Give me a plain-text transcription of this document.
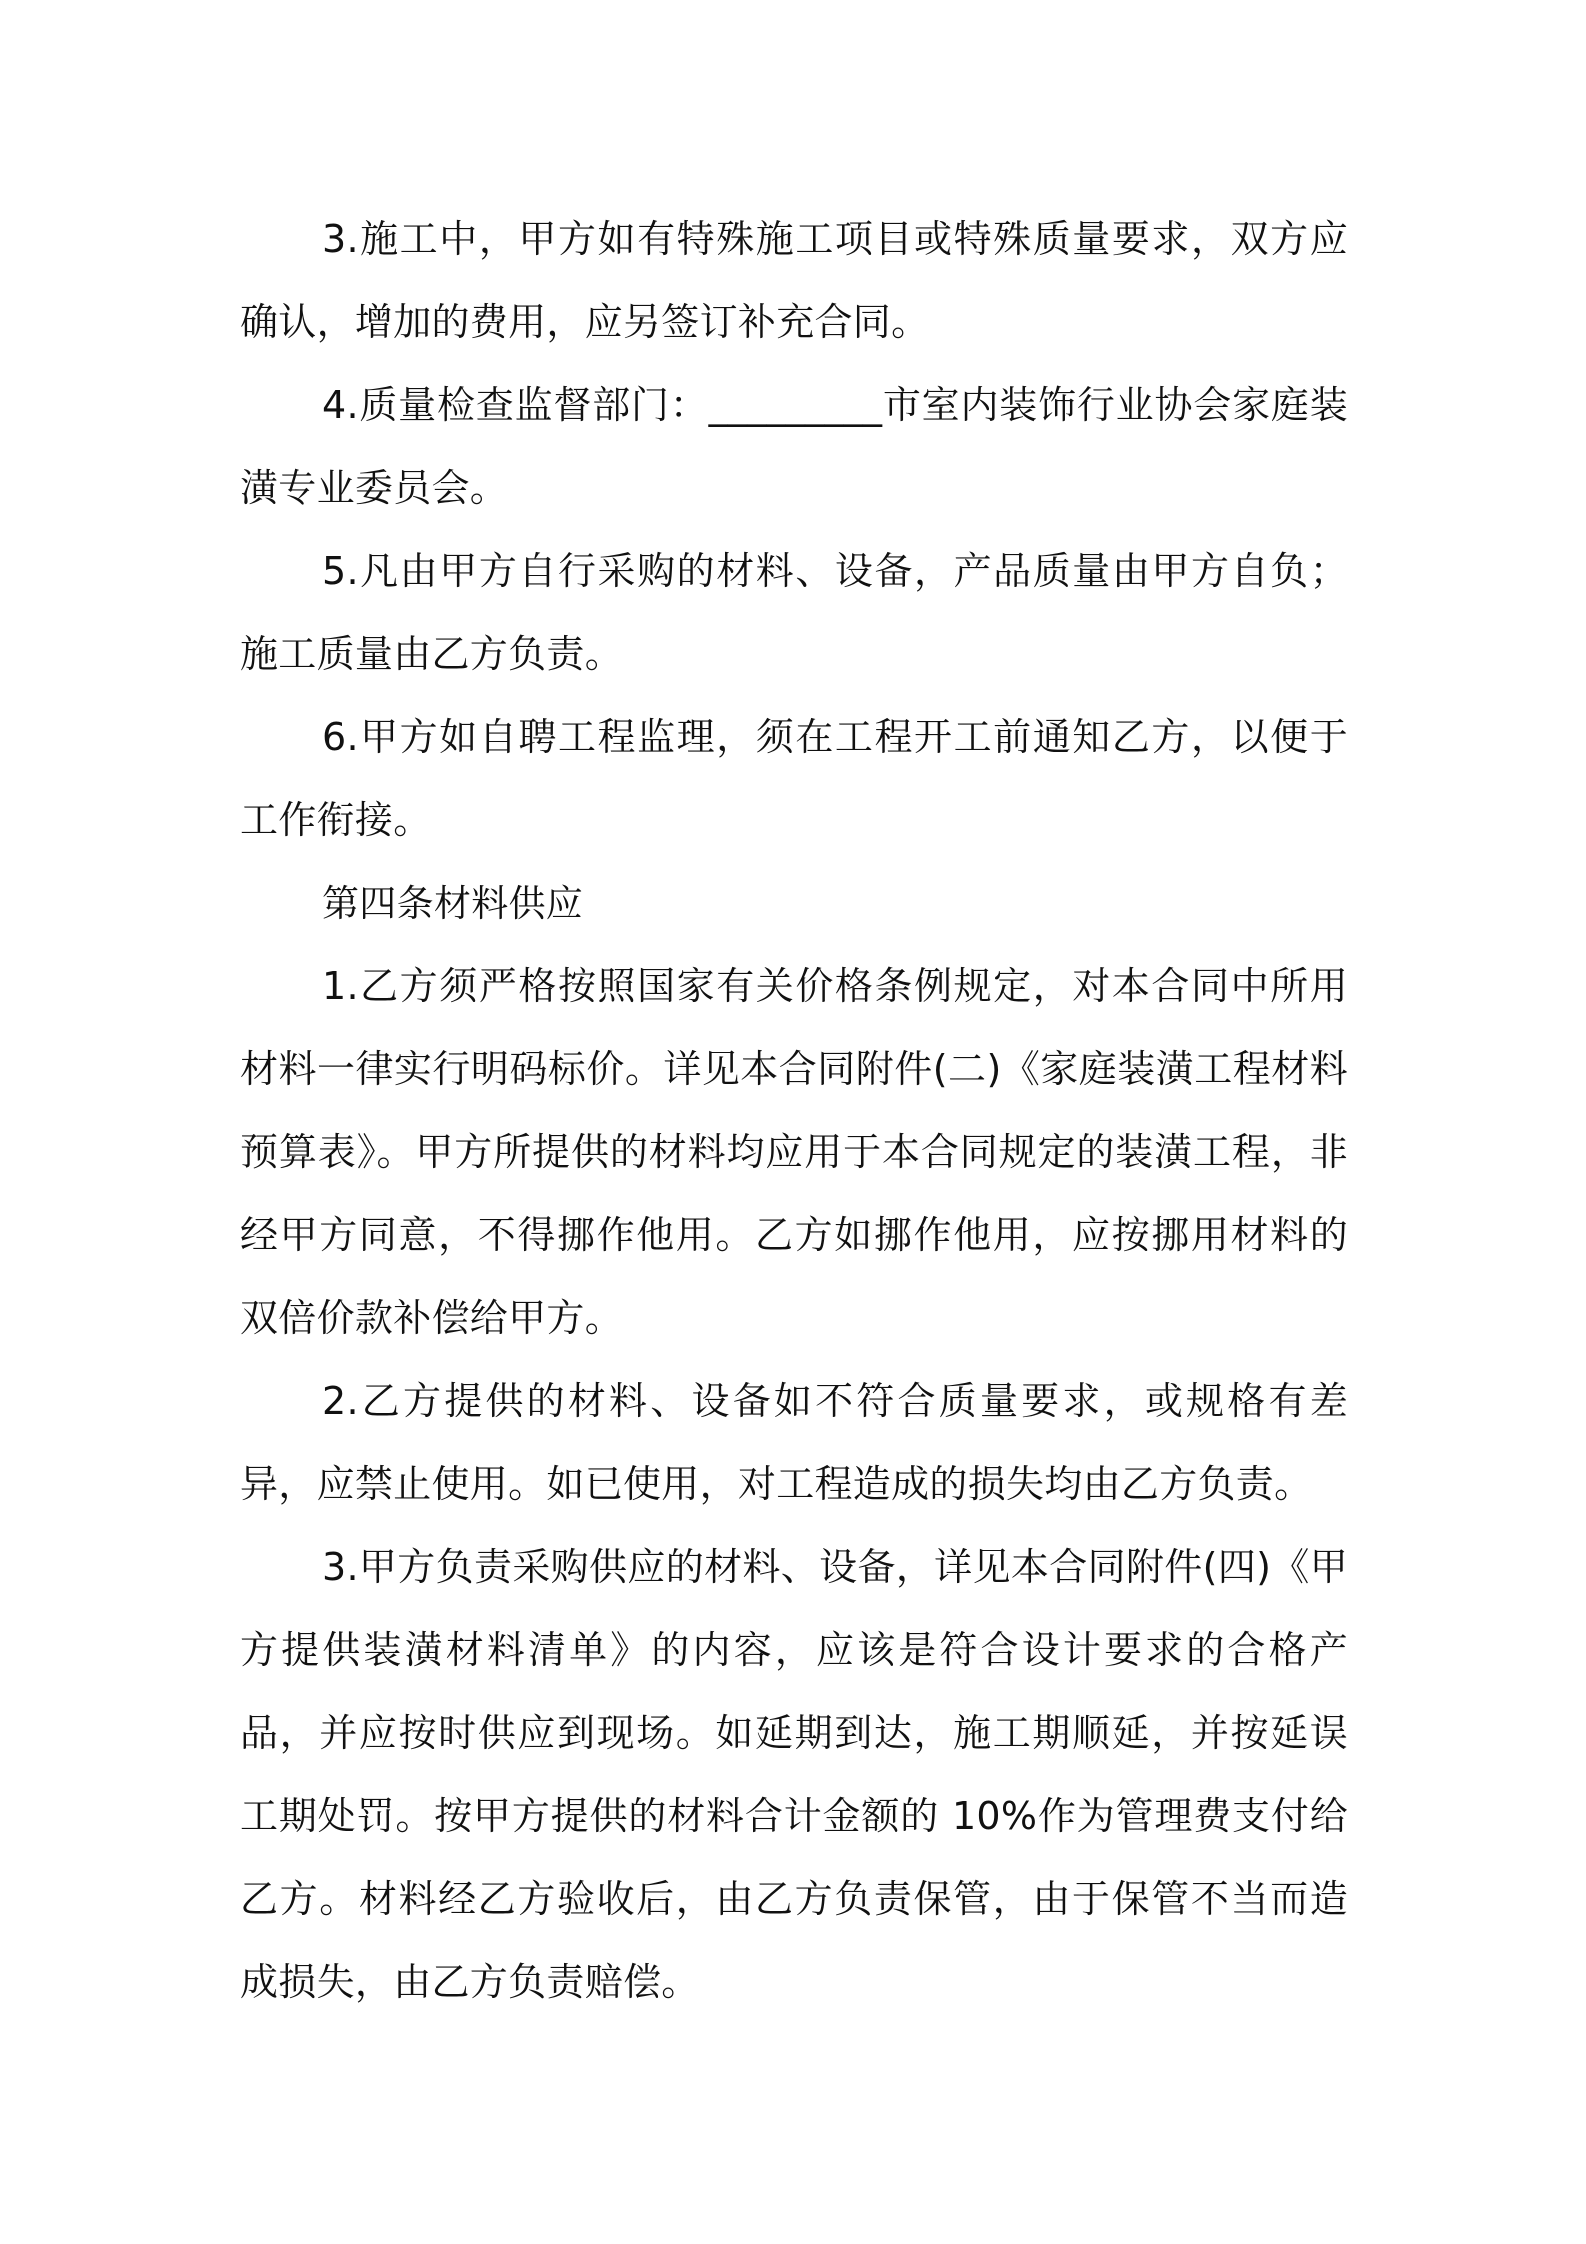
3.施工中，甲方如有特殊施工项目或特殊质量要求，双方应确认，增加的费用，应另签订补充合同。

4.质量检查监督部门：_________市室内装饰行业协会家庭装潢专业委员会。

5.凡由甲方自行采购的材料、设备，产品质量由甲方自负；施工质量由乙方负责。

6.甲方如自聘工程监理，须在工程开工前通知乙方，以便于工作衔接。

第四条材料供应

1.乙方须严格按照国家有关价格条例规定，对本合同中所用材料一律实行明码标价。详见本合同附件(二)《家庭装潢工程材料预算表》。甲方所提供的材料均应用于本合同规定的装潢工程，非经甲方同意，不得挪作他用。乙方如挪作他用，应按挪用材料的双倍价款补偿给甲方。

2.乙方提供的材料、设备如不符合质量要求，或规格有差异，应禁止使用。如已使用，对工程造成的损失均由乙方负责。

3.甲方负责采购供应的材料、设备，详见本合同附件(四)《甲方提供装潢材料清单》的内容，应该是符合设计要求的合格产品，并应按时供应到现场。如延期到达，施工期顺延，并按延误工期处罚。按甲方提供的材料合计金额的 10%作为管理费支付给乙方。材料经乙方验收后，由乙方负责保管，由于保管不当而造成损失，由乙方负责赔偿。
